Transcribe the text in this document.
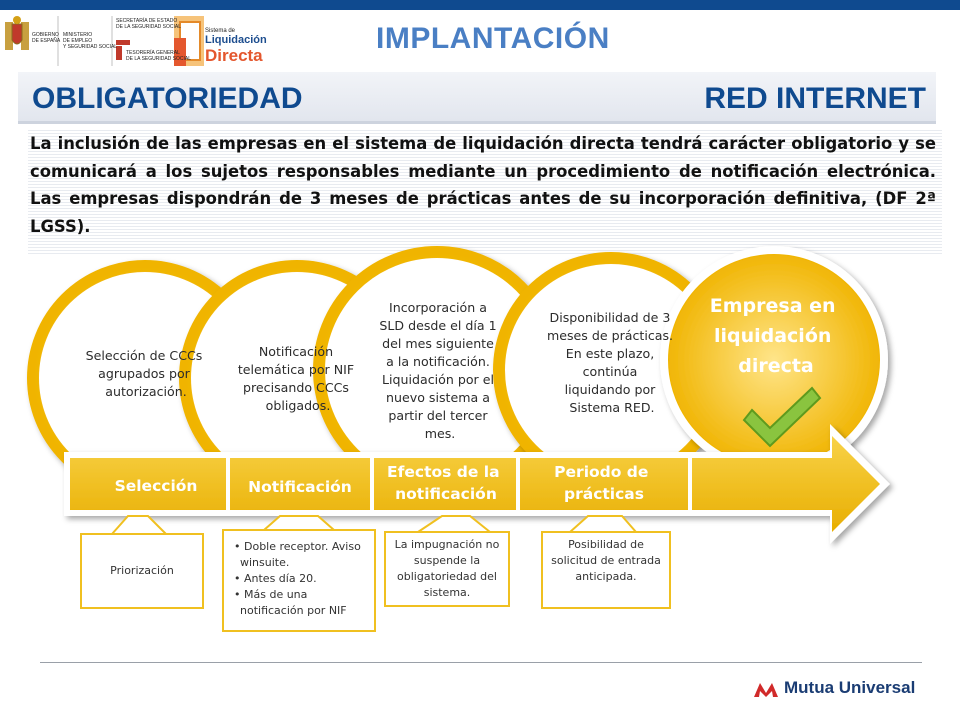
GOBIERNO
DE ESPAÑA
MINISTERIO
DE EMPLEO
Y SEGURIDAD SOCIAL
SECRETARÍA DE ESTADO
DE LA SEGURIDAD SOCIAL
TESORERÍA GENERAL
DE LA SEGURIDAD SOCIAL
Sistema de
Liquidación
Directa
IMPLANTACIÓN
OBLIGATORIEDAD	RED INTERNET
La inclusión de las empresas en el sistema de liquidación directa tendrá carácter obligatorio y se comunicará a los sujetos responsables mediante un procedimiento de notificación electrónica. Las empresas dispondrán de 3 meses de prácticas antes de su incorporación definitiva, (DF 2ª LGSS).
Selección de CCCs agrupados por autorización.
Notificación telemática por NIF precisando CCCs obligados.
Incorporación a SLD desde el día 1 del mes siguiente a la notificación. Liquidación por el nuevo sistema a partir del tercer mes.
Disponibilidad de 3 meses de prácticas. En este plazo, continúa liquidando por Sistema RED.
Empresa en liquidación directa
Selección	Notificación
Efectos de la notificación
Periodo de prácticas
Priorización
• Doble receptor. Aviso winsuite.
• Antes día 20.
• Más de una notificación por NIF
La impugnación no suspende la obligatoriedad del sistema.
Posibilidad de solicitud de entrada anticipada.
Mutua Universal
